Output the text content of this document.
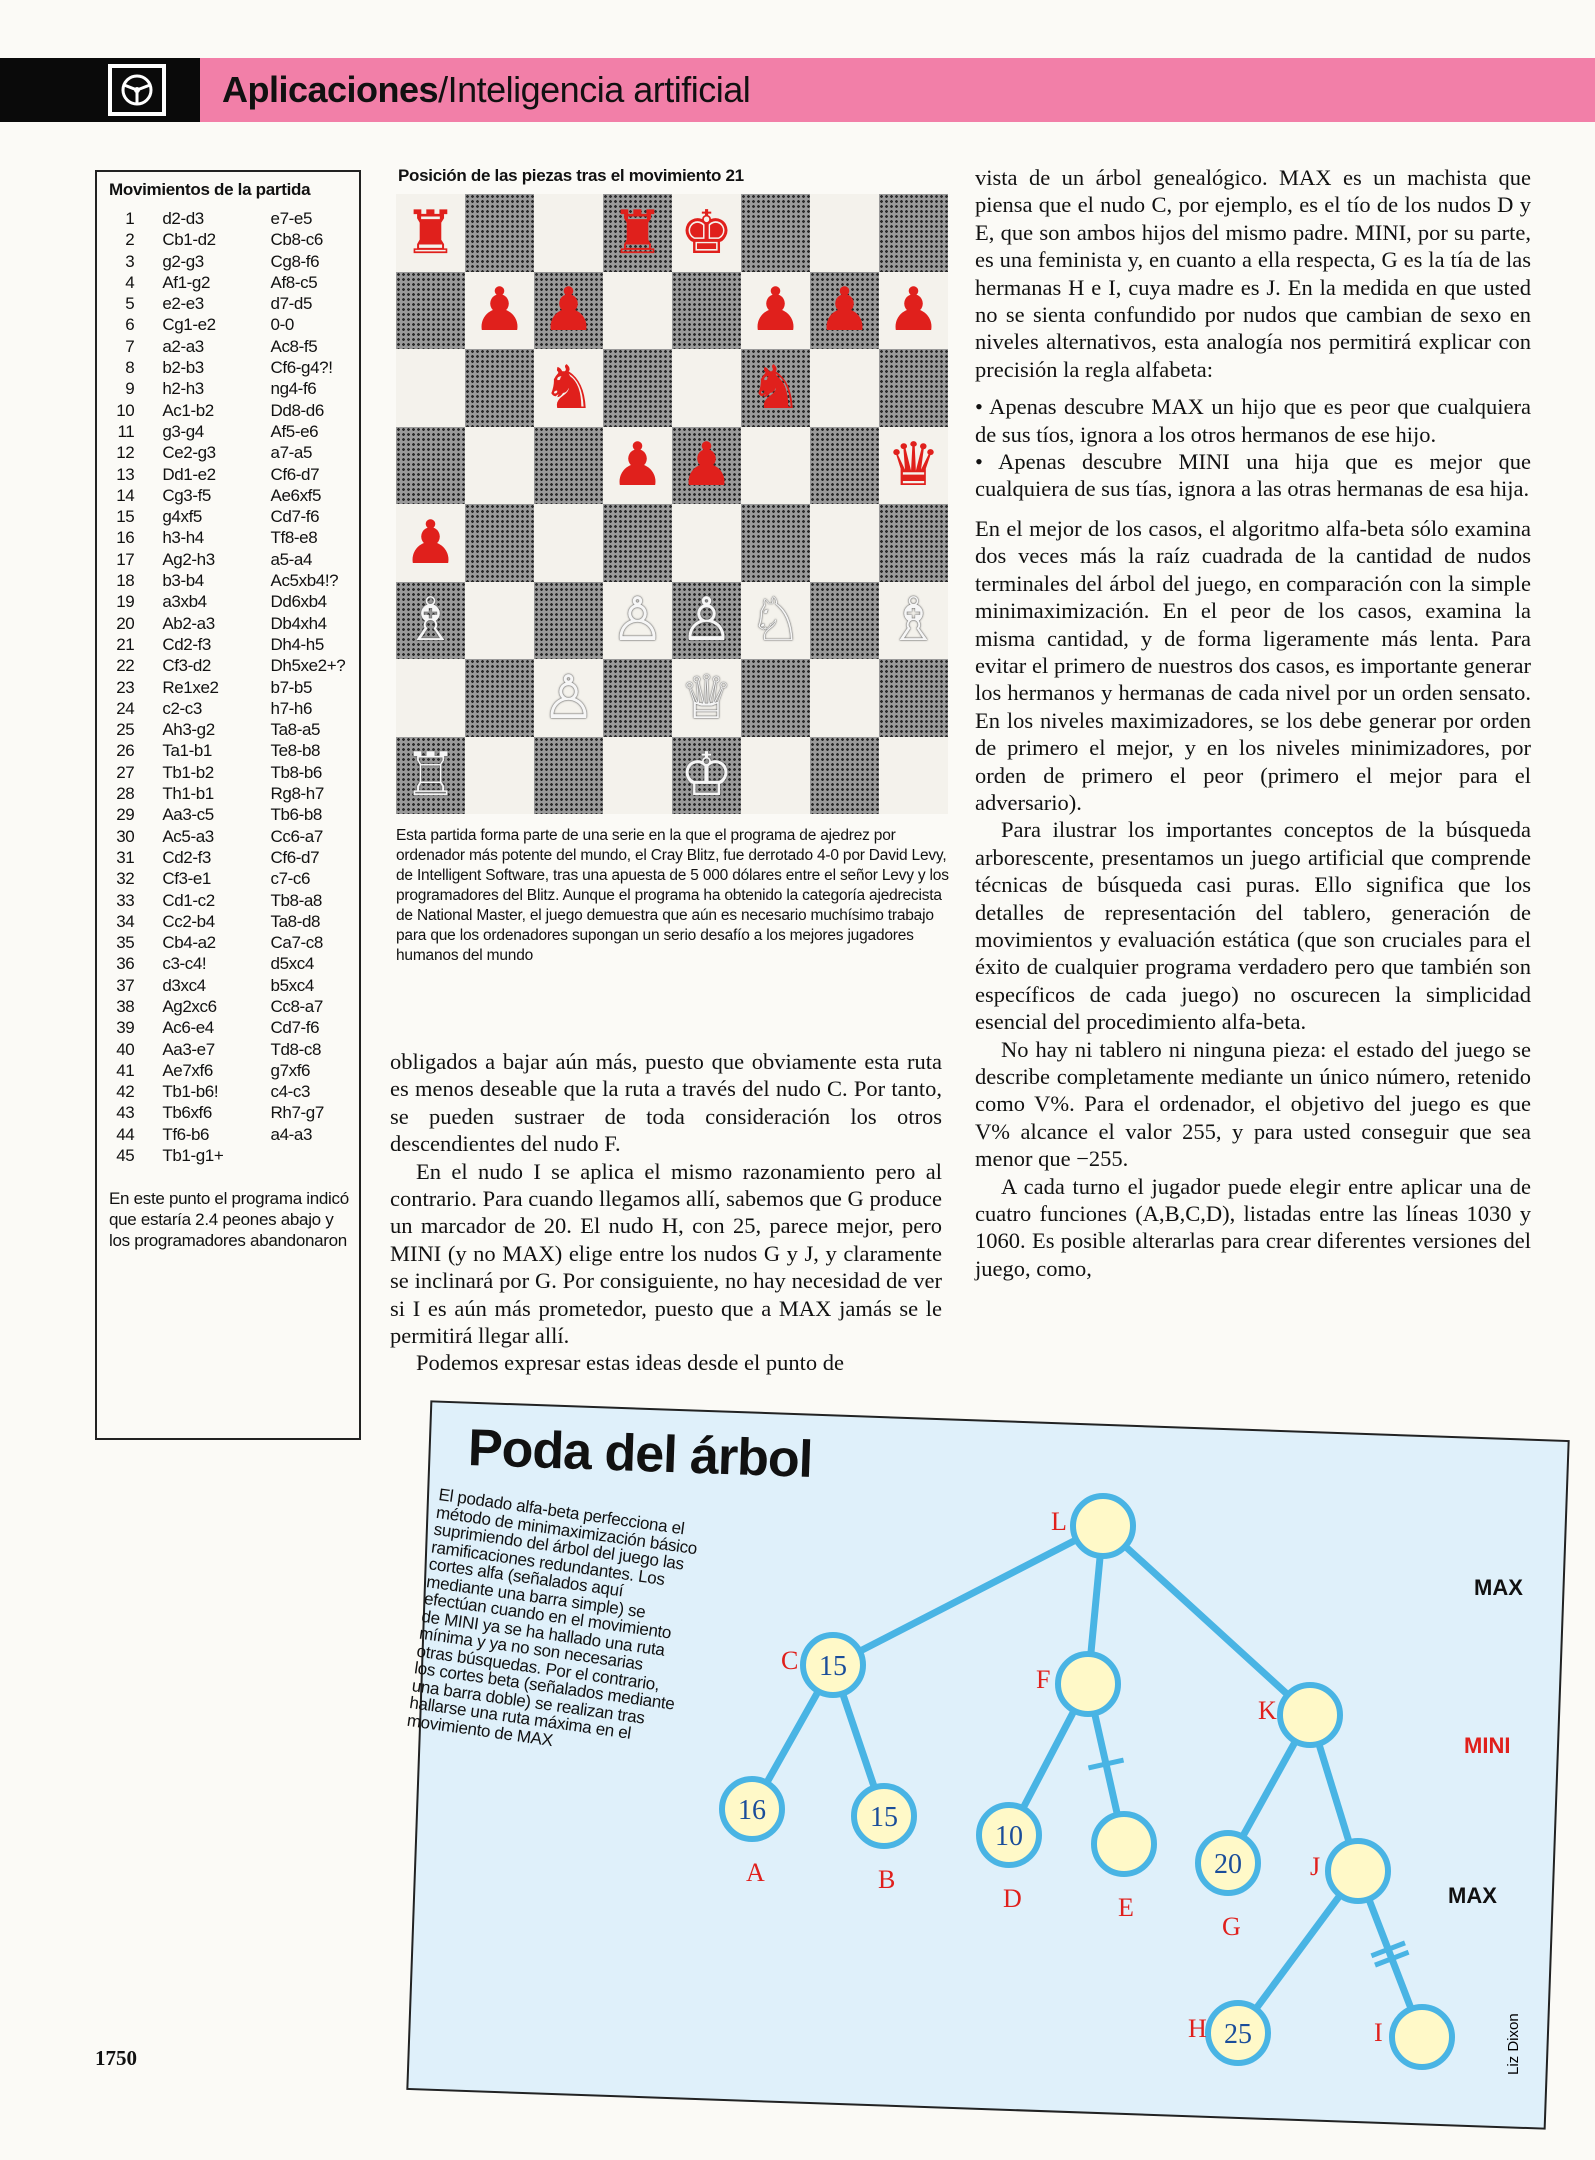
Aplicaciones/Inteligencia artificial
Movimientos de la partida
1	d2-d3	e7-e5
2	Cb1-d2	Cb8-c6
3	g2-g3	Cg8-f6
4	Af1-g2	Af8-c5
5	e2-e3	d7-d5
6	Cg1-e2	0-0
7	a2-a3	Ac8-f5
8	b2-b3	Cf6-g4?!
9	h2-h3	ng4-f6
10	Ac1-b2	Dd8-d6
11	g3-g4	Af5-e6
12	Ce2-g3	a7-a5
13	Dd1-e2	Cf6-d7
14	Cg3-f5	Ae6xf5
15	g4xf5	Cd7-f6
16	h3-h4	Tf8-e8
17	Ag2-h3	a5-a4
18	b3-b4	Ac5xb4!?
19	a3xb4	Dd6xb4
20	Ab2-a3	Db4xh4
21	Cd2-f3	Dh4-h5
22	Cf3-d2	Dh5xe2+?
23	Re1xe2	b7-b5
24	c2-c3	h7-h6
25	Ah3-g2	Ta8-a5
26	Ta1-b1	Te8-b8
27	Tb1-b2	Tb8-b6
28	Th1-b1	Rg8-h7
29	Aa3-c5	Tb6-b8
30	Ac5-a3	Cc6-a7
31	Cd2-f3	Cf6-d7
32	Cf3-e1	c7-c6
33	Cd1-c2	Tb8-a8
34	Cc2-b4	Ta8-d8
35	Cb4-a2	Ca7-c8
36	c3-c4!	d5xc4
37	d3xc4	b5xc4
38	Ag2xc6	Cc8-a7
39	Ac6-e4	Cd7-f6
40	Aa3-e7	Td8-c8
41	Ae7xf6	g7xf6
42	Tb1-b6!	c4-c3
43	Tb6xf6	Rh7-g7
44	Tf6-b6	a4-a3
45	Tb1-g1+
En este punto el programa indicó que estaría 2.4 peones abajo y los programadores abandonaron
Posición de las piezas tras el movimiento 21
♜	♜ ♚
♟ ♟	♟ ♟ ♟
♞	♞
♟ ♟	♛
♟
♗	♙ ♙ ♘ ♗
♙ ♕
♖	♔
Esta partida forma parte de una serie en la que el programa de ajedrez por ordenador más potente del mundo, el Cray Blitz, fue derrotado 4-0 por David Levy, de Intelligent Software, tras una apuesta de 5 000 dólares entre el señor Levy y los programadores del Blitz. Aunque el programa ha obtenido la categoría ajedrecista de National Master, el juego demuestra que aún es necesario muchísimo trabajo para que los ordenadores supongan un serio desafío a los mejores jugadores humanos del mundo

obligados a bajar aún más, puesto que obviamente esta ruta es menos deseable que la ruta a través del nudo C. Por tanto, se pueden sustraer de toda consideración los otros descendientes del nudo F.

En el nudo I se aplica el mismo razonamiento pero al contrario. Para cuando llegamos allí, sabemos que G produce un marcador de 20. El nudo H, con 25, parece mejor, pero MINI (y no MAX) elige entre los nudos G y J, y claramente se inclinará por G. Por consiguiente, no hay necesidad de ver si I es aún más prometedor, puesto que a MAX jamás se le permitirá llegar allí.

Podemos expresar estas ideas desde el punto de

vista de un árbol genealógico. MAX es un machista que piensa que el nudo C, por ejemplo, es el tío de los nudos D y E, que son ambos hijos del mismo padre. MINI, por su parte, es una feminista y, en cuanto a ella respecta, G es la tía de las hermanas H e I, cuya madre es J. En la medida en que usted no se sienta confundido por nudos que cambian de sexo en niveles alternativos, esta analogía nos permitirá explicar con precisión la regla alfabeta:

• Apenas descubre MAX un hijo que es peor que cualquiera de sus tíos, ignora a los otros hermanos de ese hijo.

• Apenas descubre MINI una hija que es mejor que cualquiera de sus tías, ignora a las otras hermanas de esa hija.

En el mejor de los casos, el algoritmo alfa-beta sólo examina dos veces más la raíz cuadrada de la cantidad de nudos terminales del árbol del juego, en comparación con la simple minimaximización. En el peor de los casos, examina la misma cantidad, y de forma ligeramente más lenta. Para evitar el primero de nuestros dos casos, es importante generar los hermanos y hermanas de cada nivel por un orden sensato. En los niveles maximizadores, se los debe generar por orden de primero el mejor, y en los niveles minimizadores, por orden de primero el peor (primero el mejor para el adversario).

Para ilustrar los importantes conceptos de la búsqueda arborescente, presentamos un juego artificial que comprende técnicas de búsqueda casi puras. Ello significa que los detalles de representación del tablero, generación de movimientos y evaluación estática (que son cruciales para el éxito de cualquier programa verdadero pero que también son específicos de cada juego) no oscurecen la simplicidad esencial del procedimiento alfa-beta.

No hay ni tablero ni ninguna pieza: el estado del juego se describe completamente mediante un único número, retenido como V%. Para el ordenador, el objetivo del juego es que V% alcance el valor 255, y para usted conseguir que sea menor que −255.

A cada turno el jugador puede elegir entre aplicar una de cuatro funciones (A,B,C,D), listadas entre las líneas 1030 y 1060. Es posible alterarlas para crear diferentes versiones del juego, como,

Poda del árbol
El podado alfa-beta perfecciona el método de minimaximización básico suprimiendo del árbol del juego las ramificaciones redundantes. Los cortes alfa (señalados aquí mediante una barra simple) se efectúan cuando en el movimiento de MINI ya se ha hallado una ruta mínima y ya no son necesarias otras búsquedas. Por el contrario, los cortes beta (señalados mediante una barra doble) se realizan tras hallarse una ruta máxima en el movimiento de MAX
L
15
C
F
K
16
A
15
B
10
D	E
20
G
J
25
H	I
MAX
MINI
MAX
Liz Dixon
1750
